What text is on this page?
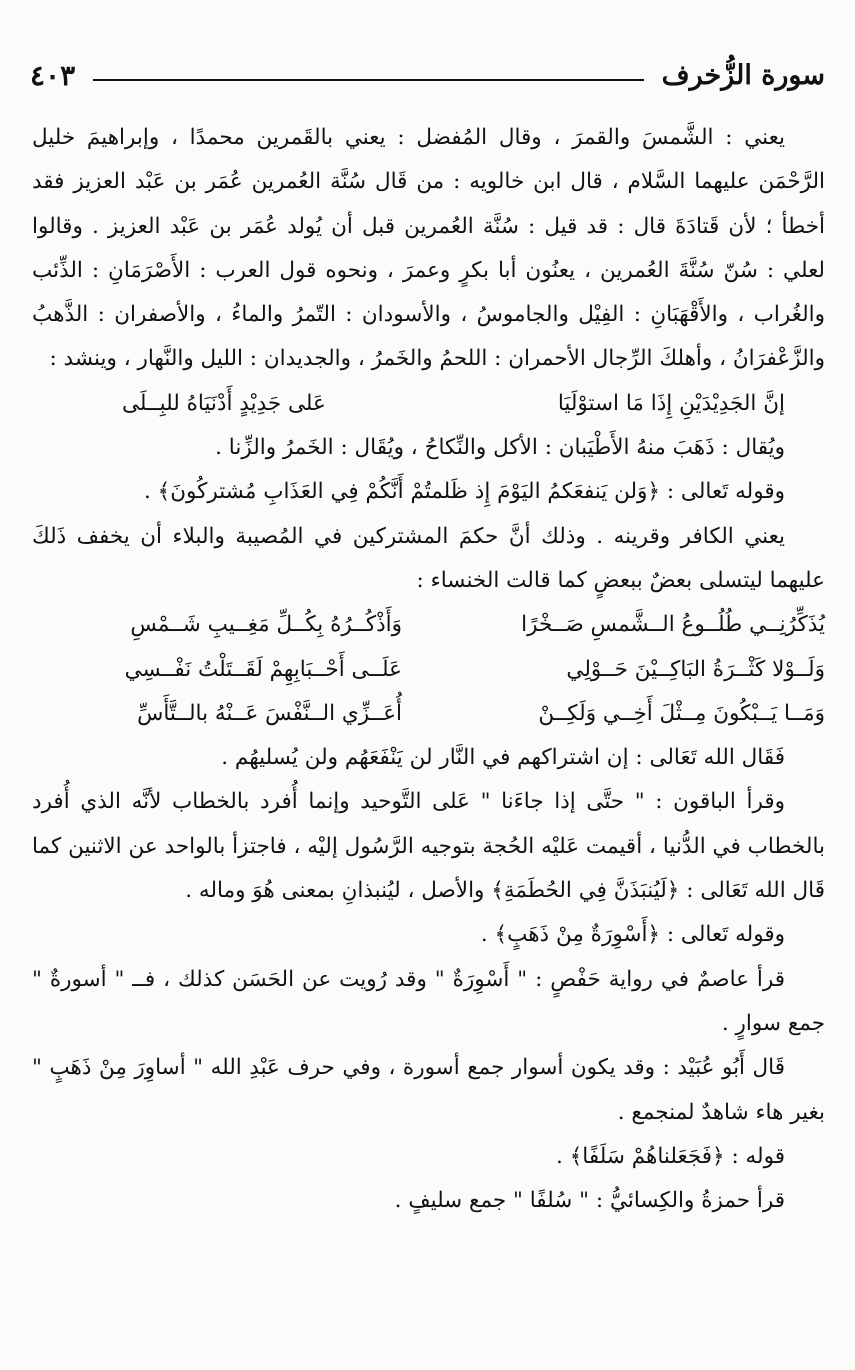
سورة الزُّخرف
٤٠٣

يعني : الشَّمسَ والقمرَ ، وقال المُفضل : يعني بالقَمرين محمدًا ، وإبراهيمَ خليل الرَّحْمَن عليهما السَّلام ، قال ابن خالويه : من قَال سُنَّة العُمرين عُمَر بن عَبْد العزيز فقد أخطأ ؛ لأن قَتادَةَ قال : قد قيل : سُنَّة العُمرين قبل أن يُولد عُمَر بن عَبْد العزيز . وقالوا لعلي : سُنّ سُنَّةَ العُمرين ، يعنُون أبا بكرٍ وعمرَ ، ونحوه قول العرب : الأَصْرَمَانِ : الذِّئب والغُراب ، والأَقْهَبَانِ : الفِيْل والجاموسُ ، والأسودان : التّمرُ والماءُ ، والأصفران : الذَّهبُ والزَّعْفرَانُ ، وأهلكَ الرِّجال الأحمران : اللحمُ والخَمرُ ، والجديدان : الليل والنَّهار ، وينشد :

إنَّ الجَدِيْدَيْنِ إِذَا مَا استوْلَيَا
عَلى جَدِيْدٍ أَدْنَيَاهُ للبِــلَى

ويُقال : ذَهَبَ منهُ الأَطْيَبان : الأكل والنِّكاحُ ، ويُقَال : الخَمرُ والزِّنا .

وقوله تَعالى : ﴿وَلن يَنفعَكمُ اليَوْمَ إِذ ظَلمتُمْ أَنَّكُمْ فِي العَذَابِ مُشتركُونَ﴾ .

يعني الكافر وقرينه . وذلك أنَّ حكمَ المشتركين في المُصيبة والبلاء أن يخفف ذَلكَ عليهما ليتسلى بعضٌ ببعضٍ كما قالت الخنساء :

يُذَكِّرُنِــي طُلُــوعُ الــشَّمسِ صَــخْرًا
وَأَذْكُــرُهُ بِكُــلِّ مَغِــيبِ شَــمْسِ
وَلَــوْلا كَثْــرَةُ البَاكِــيْنَ حَــوْلِي
عَلَــى أَحْــبَابِهِمْ لَقَــتَلْتُ نَفْــسِي
وَمَــا يَــبْكُونَ مِــثْلَ أَخِــي وَلَكِــنْ
أُعَــزِّي الــنَّفْسَ عَــنْهُ بالــتَّأَسِّ

فَقَال الله تَعَالى : إن اشتراكهم في النَّار لن يَنْفَعَهُم ولن يُسليهُم .

وقرأ الباقون : " حتَّى إذا جاءَنا " عَلى التَّوحيد وإنما أُفرد بالخطاب لأنَّه الذي أُفرد بالخطاب في الدُّنيا ، أقيمت عَليْه الحُجة بتوجيه الرَّسُول إليْه ، فاجتزأ بالواحد عن الاثنين كما قَال الله تَعَالى : ﴿لَيُنبَذَنَّ فِي الحُطَمَةِ﴾ والأصل ، ليُنبذانِ بمعنى هُوَ وماله .

وقوله تَعالى : ﴿أَسْوِرَةٌ مِنْ ذَهَبٍ﴾ .

قرأ عاصمٌ في رواية حَفْصٍ : " أَسْوِرَةٌ " وقد رُويت عن الحَسَن كذلك ، فــ " أسورةٌ " جمع سوارٍ .

قَال أَبُو عُبَيْد : وقد يكون أسوار جمع أسورة ، وفي حرف عَبْدِ الله " أساوِرَ مِنْ ذَهَبٍ " بغير هاء شاهدٌ لمنجمع .

قوله : ﴿فَجَعَلناهُمْ سَلَفًا﴾ .

قرأ حمزةُ والكِسائيُّ : " سُلفًا " جمع سليفٍ .
